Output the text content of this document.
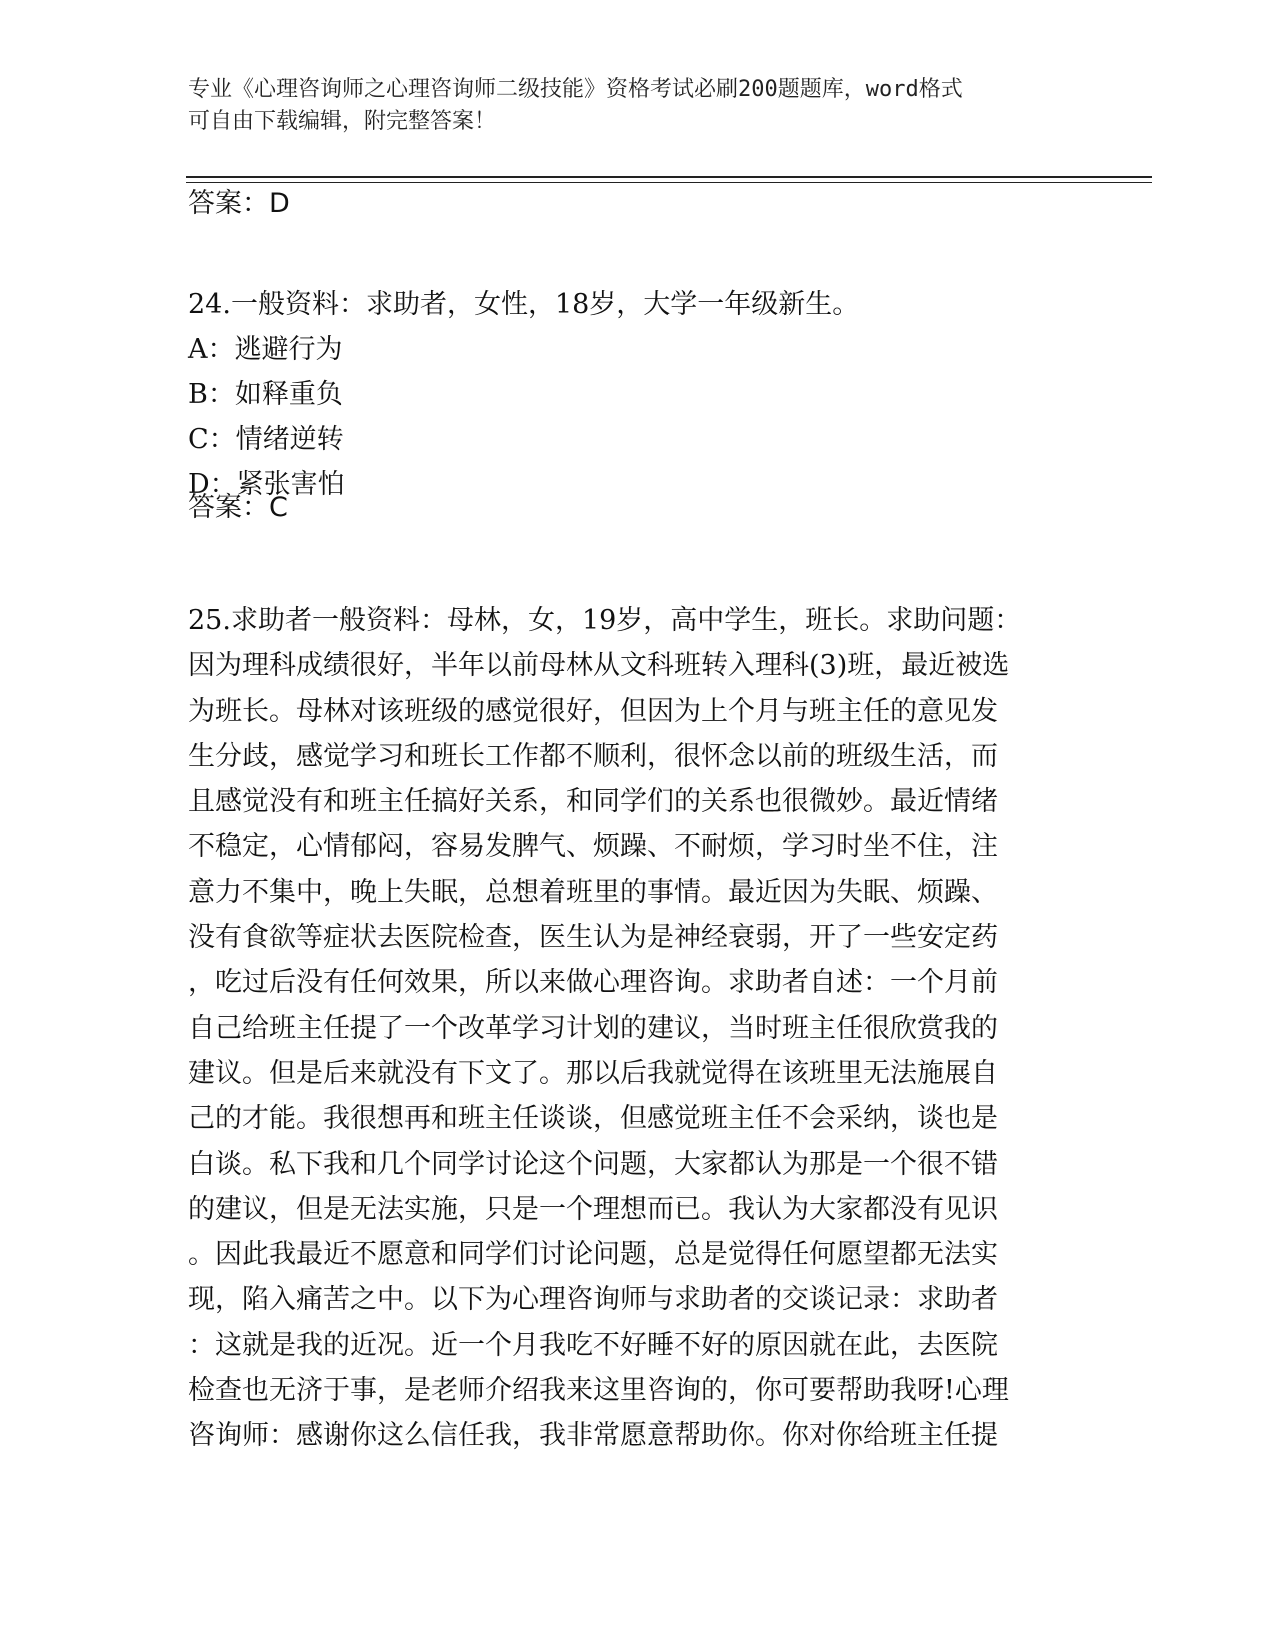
专业《心理咨询师之心理咨询师二级技能》资格考试必刷200题题库，word格式
可自由下载编辑，附完整答案！
答案：D
24.一般资料：求助者，女性，18岁，大学一年级新生。
A：逃避行为
B：如释重负
C：情绪逆转
D：紧张害怕
答案：C
25.求助者一般资料：母林，女，19岁，高中学生，班长。求助问题：
因为理科成绩很好，半年以前母林从文科班转入理科(3)班，最近被选
为班长。母林对该班级的感觉很好，但因为上个月与班主任的意见发
生分歧，感觉学习和班长工作都不顺利，很怀念以前的班级生活，而
且感觉没有和班主任搞好关系，和同学们的关系也很微妙。最近情绪
不稳定，心情郁闷，容易发脾气、烦躁、不耐烦，学习时坐不住，注
意力不集中，晚上失眠，总想着班里的事情。最近因为失眠、烦躁、
没有食欲等症状去医院检查，医生认为是神经衰弱，开了一些安定药
，吃过后没有任何效果，所以来做心理咨询。求助者自述：一个月前
自己给班主任提了一个改革学习计划的建议，当时班主任很欣赏我的
建议。但是后来就没有下文了。那以后我就觉得在该班里无法施展自
己的才能。我很想再和班主任谈谈，但感觉班主任不会采纳，谈也是
白谈。私下我和几个同学讨论这个问题，大家都认为那是一个很不错
的建议，但是无法实施，只是一个理想而已。我认为大家都没有见识
。因此我最近不愿意和同学们讨论问题，总是觉得任何愿望都无法实
现，陷入痛苦之中。以下为心理咨询师与求助者的交谈记录：求助者
：这就是我的近况。近一个月我吃不好睡不好的原因就在此，去医院
检查也无济于事，是老师介绍我来这里咨询的，你可要帮助我呀!心理
咨询师：感谢你这么信任我，我非常愿意帮助你。你对你给班主任提
